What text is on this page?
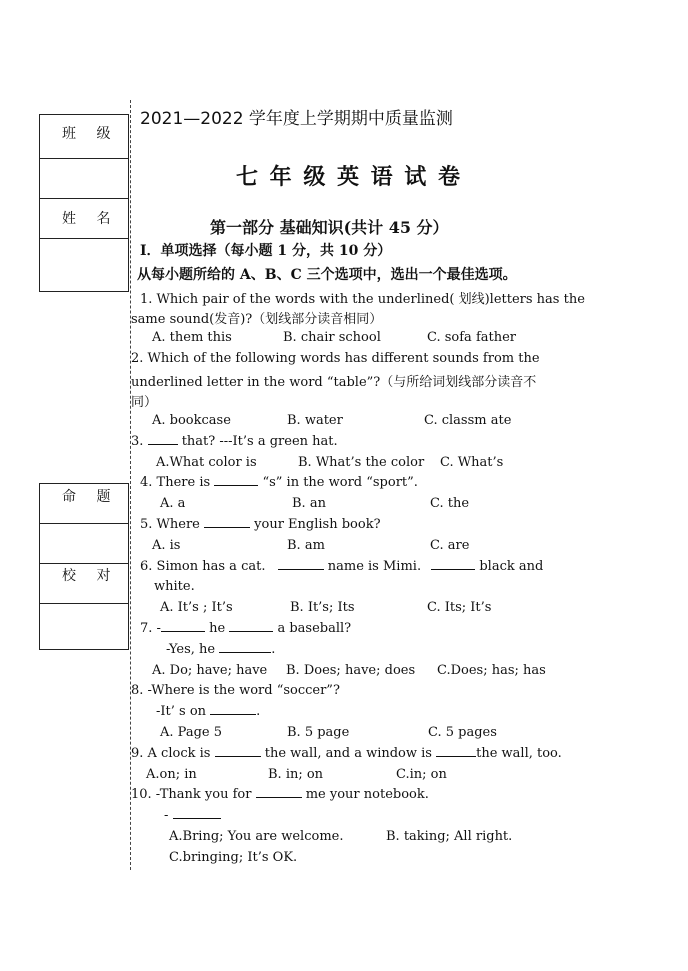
班 级
姓 名
命 题
校 对
2021—2022 学年度上学期期中质量监测
七 年 级 英 语 试 卷
第一部分 基础知识(共计 45 分）
I．单项选择（每小题 1 分，共 10 分）
从每小题所给的 A、B、C 三个选项中，选出一个最佳选项。
1. Which pair of the words with the underlined( 划线)letters has the
same sound(发音)?（划线部分读音相同）
A. them this	B. chair school	C. sofa father
2. Which of the following words has different sounds from the
underlined letter in the word “table”?（与所给词划线部分读音不
同）
A. bookcase	B. water	C. classm ate
3.	that? ---It’s a green hat.
A.What color is	B. What’s the color C. What’s
4. There is	“s” in the word “sport”.
A. a	B. an	C. the
5. Where	your English book?
A. is	B. am	C. are
6. Simon has a cat.	name is Mimi.	black and
white.
A. It’s ; It’s	B. It’s; Its	C. Its; It’s
7. -	he	a baseball?
-Yes, he	.
A. Do; have; have B. Does; have; does C.Does; has; has
8. -Where is the word “soccer”?
-It’ s on	.
A. Page 5	B. 5 page	C. 5 pages
9. A clock is	the wall, and a window is	the wall, too.
A.on; in	B. in; on	C.in; on
10. -Thank you for	me your notebook.
-
A.Bring; You are welcome.	B. taking; All right.
C.bringing; It’s OK.
